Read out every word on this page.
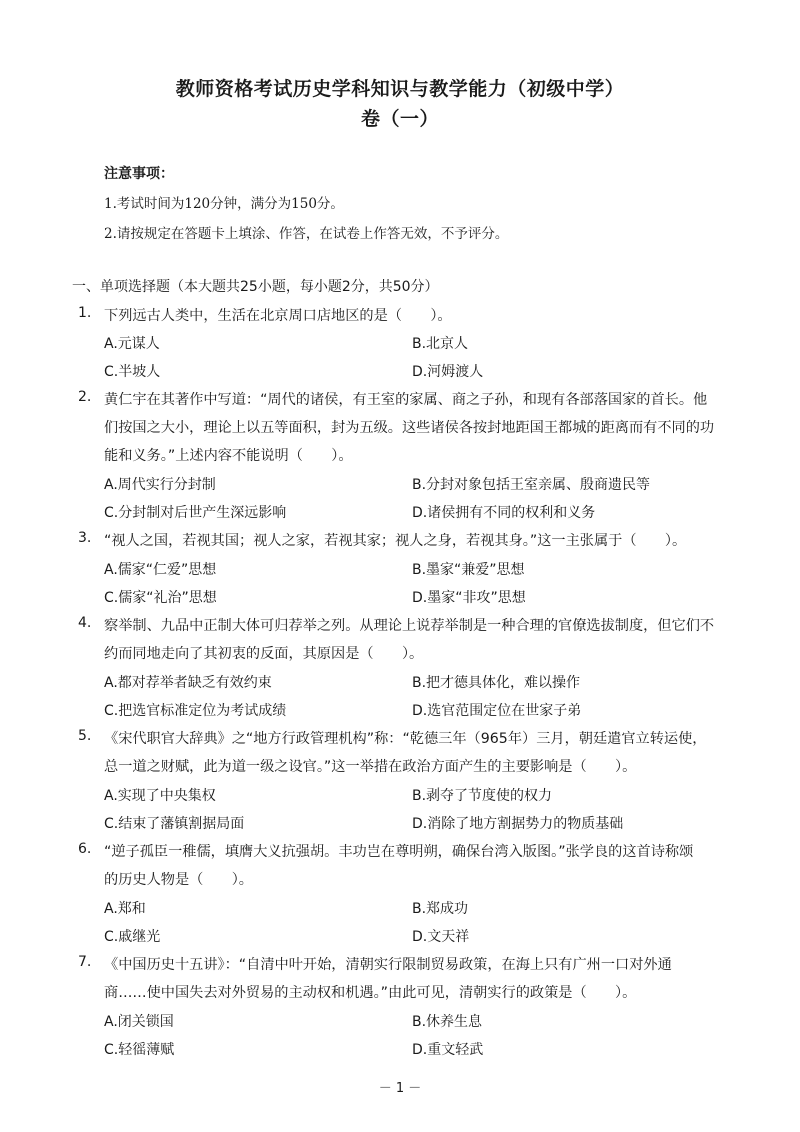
教师资格考试历史学科知识与教学能力（初级中学）
卷（一）
注意事项：
1.考试时间为120分钟，满分为150分。
2.请按规定在答题卡上填涂、作答，在试卷上作答无效，不予评分。
一、单项选择题（本大题共25小题，每小题2分，共50分）
1. 下列远古人类中，生活在北京周口店地区的是（　　）。
A.元谋人	B.北京人
C.半坡人	D.河姆渡人
2. 黄仁宇在其著作中写道：“周代的诸侯，有王室的家属、商之子孙，和现有各部落国家的首长。他
们按国之大小，理论上以五等面积，封为五级。这些诸侯各按封地距国王都城的距离而有不同的功
能和义务。”上述内容不能说明（　　）。
A.周代实行分封制	B.分封对象包括王室亲属、殷商遗民等
C.分封制对后世产生深远影响	D.诸侯拥有不同的权利和义务
3. “视人之国，若视其国；视人之家，若视其家；视人之身，若视其身。”这一主张属于（　　）。
A.儒家“仁爱”思想	B.墨家“兼爱”思想
C.儒家“礼治”思想	D.墨家“非攻”思想
4. 察举制、九品中正制大体可归荐举之列。从理论上说荐举制是一种合理的官僚选拔制度，但它们不
约而同地走向了其初衷的反面，其原因是（　　）。
A.都对荐举者缺乏有效约束	B.把才德具体化，难以操作
C.把选官标准定位为考试成绩	D.选官范围定位在世家子弟
5. 《宋代职官大辞典》之“地方行政管理机构”称：“乾德三年（965年）三月，朝廷遣官立转运使，
总一道之财赋，此为道一级之设官。”这一举措在政治方面产生的主要影响是（　　）。
A.实现了中央集权	B.剥夺了节度使的权力
C.结束了藩镇割据局面	D.消除了地方割据势力的物质基础
6. “逆子孤臣一稚儒，填膺大义抗强胡。丰功岂在尊明朔，确保台湾入版图。”张学良的这首诗称颂
的历史人物是（　　）。
A.郑和	B.郑成功
C.戚继光	D.文天祥
7. 《中国历史十五讲》：“自清中叶开始，清朝实行限制贸易政策，在海上只有广州一口对外通
商……使中国失去对外贸易的主动权和机遇。”由此可见，清朝实行的政策是（　　）。
A.闭关锁国	B.休养生息
C.轻徭薄赋	D.重文轻武
－ 1 －
